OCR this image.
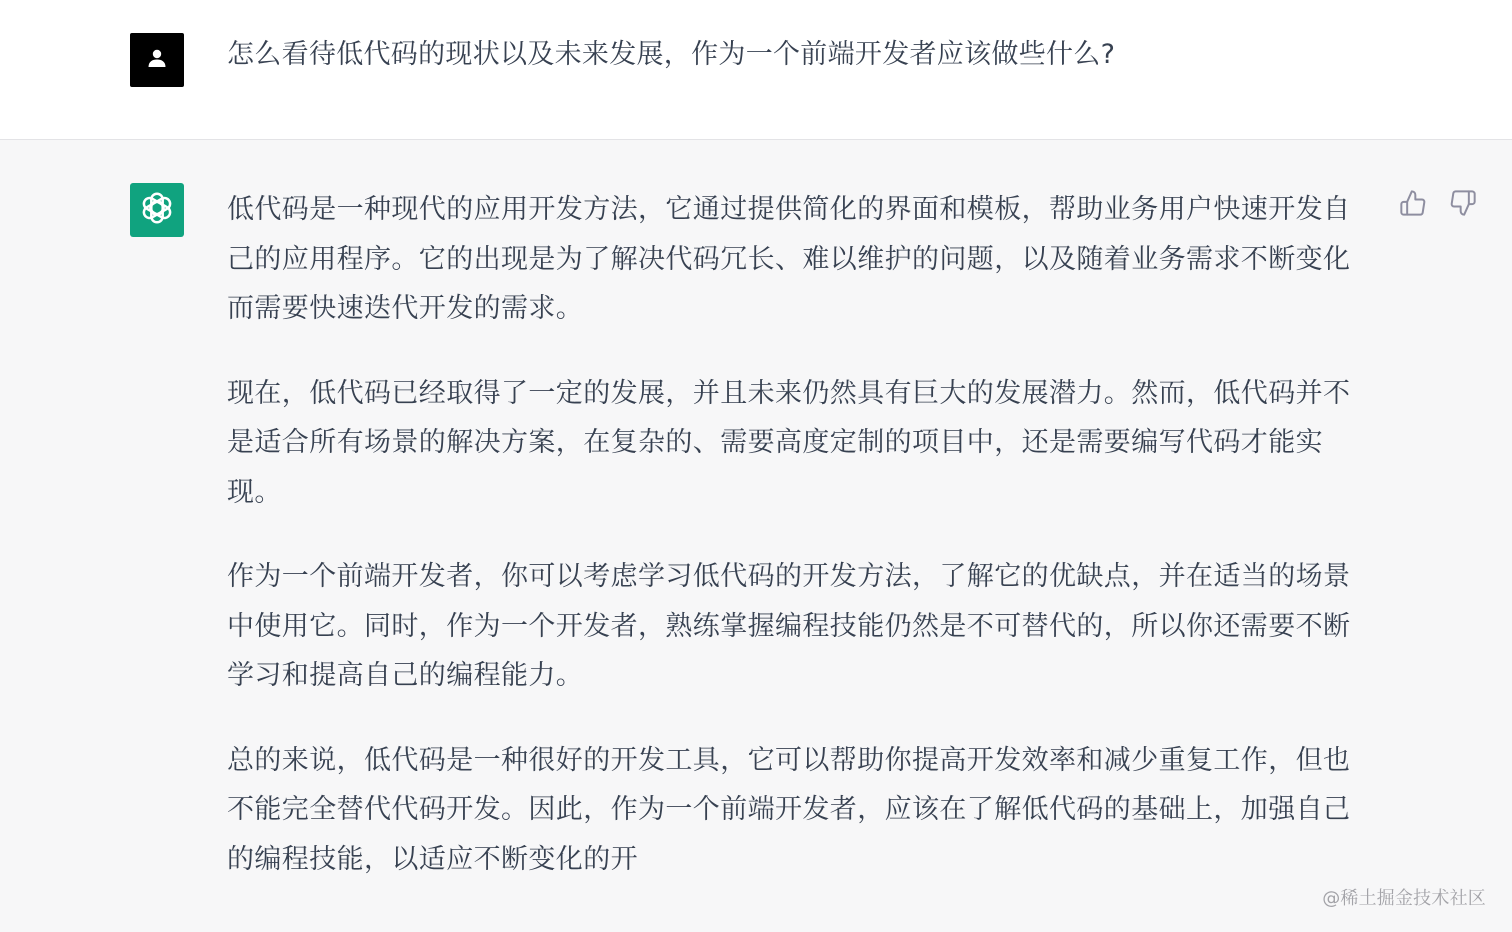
怎么看待低代码的现状以及未来发展，作为一个前端开发者应该做些什么?

低代码是一种现代的应用开发方法，它通过提供简化的界面和模板，帮助业务用户快速开发自己的应用程序。它的出现是为了解决代码冗长、难以维护的问题，以及随着业务需求不断变化而需要快速迭代开发的需求。

现在，低代码已经取得了一定的发展，并且未来仍然具有巨大的发展潜力。然而，低代码并不是适合所有场景的解决方案，在复杂的、需要高度定制的项目中，还是需要编写代码才能实现。

作为一个前端开发者，你可以考虑学习低代码的开发方法，了解它的优缺点，并在适当的场景中使用它。同时，作为一个开发者，熟练掌握编程技能仍然是不可替代的，所以你还需要不断学习和提高自己的编程能力。

总的来说，低代码是一种很好的开发工具，它可以帮助你提高开发效率和减少重复工作，但也不能完全替代代码开发。因此，作为一个前端开发者，应该在了解低代码的基础上，加强自己的编程技能，以适应不断变化的开

@稀土掘金技术社区
